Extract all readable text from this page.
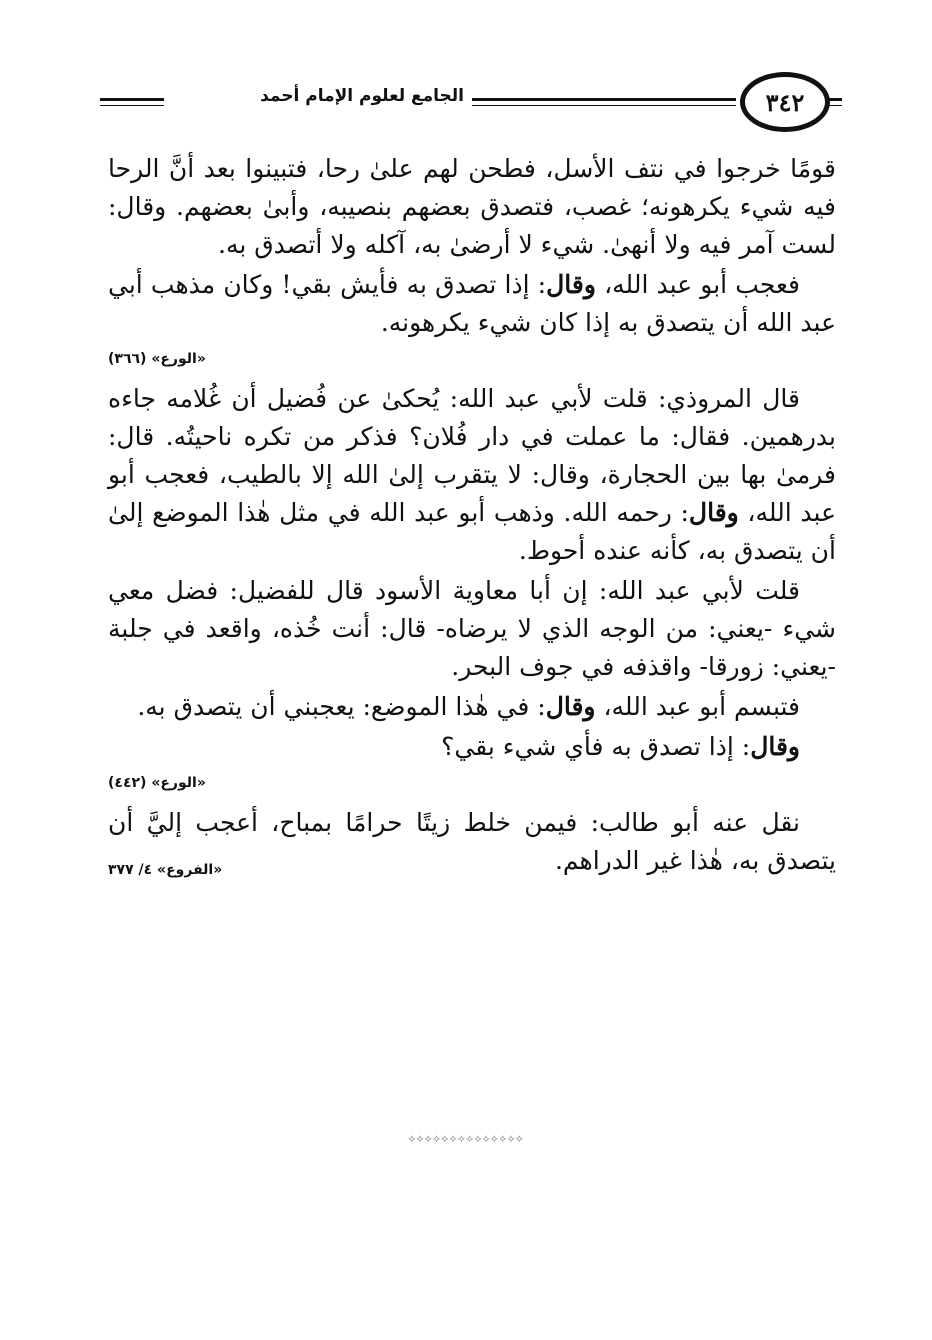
٣٤٢
الجامع لعلوم الإمام أحمد

قومًا خرجوا في نتف الأسل، فطحن لهم علىٰ رحا، فتبينوا بعد أنَّ الرحا فيه شيء يكرهونه؛ غصب، فتصدق بعضهم بنصيبه، وأبىٰ بعضهم. وقال: لست آمر فيه ولا أنهىٰ. شيء لا أرضىٰ به، آكله ولا أتصدق به.

فعجب أبو عبد الله، وقال: إذا تصدق به فأيش بقي! وكان مذهب أبي عبد الله أن يتصدق به إذا كان شيء يكرهونه.

«الورع» (٣٦٦)

قال المروذي: قلت لأبي عبد الله: يُحكىٰ عن فُضيل أن غُلامه جاءه بدرهمين. فقال: ما عملت في دار فُلان؟ فذكر من تكره ناحيتُه. قال: فرمىٰ بها بين الحجارة، وقال: لا يتقرب إلىٰ الله إلا بالطيب، فعجب أبو عبد الله، وقال: رحمه الله. وذهب أبو عبد الله في مثل هٰذا الموضع إلىٰ أن يتصدق به، كأنه عنده أحوط.

قلت لأبي عبد الله: إن أبا معاوية الأسود قال للفضيل: فضل معي شيء -يعني: من الوجه الذي لا يرضاه- قال: أنت خُذه، واقعد في جلبة -يعني: زورقا- واقذفه في جوف البحر.

فتبسم أبو عبد الله، وقال: في هٰذا الموضع: يعجبني أن يتصدق به.

وقال: إذا تصدق به فأي شيء بقي؟

«الورع» (٤٤٢)

نقل عنه أبو طالب: فيمن خلط زيتًا حرامًا بمباح، أعجب إليَّ أن يتصدق به، هٰذا غير الدراهم.

«الفروع» ٤/ ٣٧٧
⟡⟡⟡⟡⟡⟡⟡⟡⟡⟡⟡⟡⟡⟡
